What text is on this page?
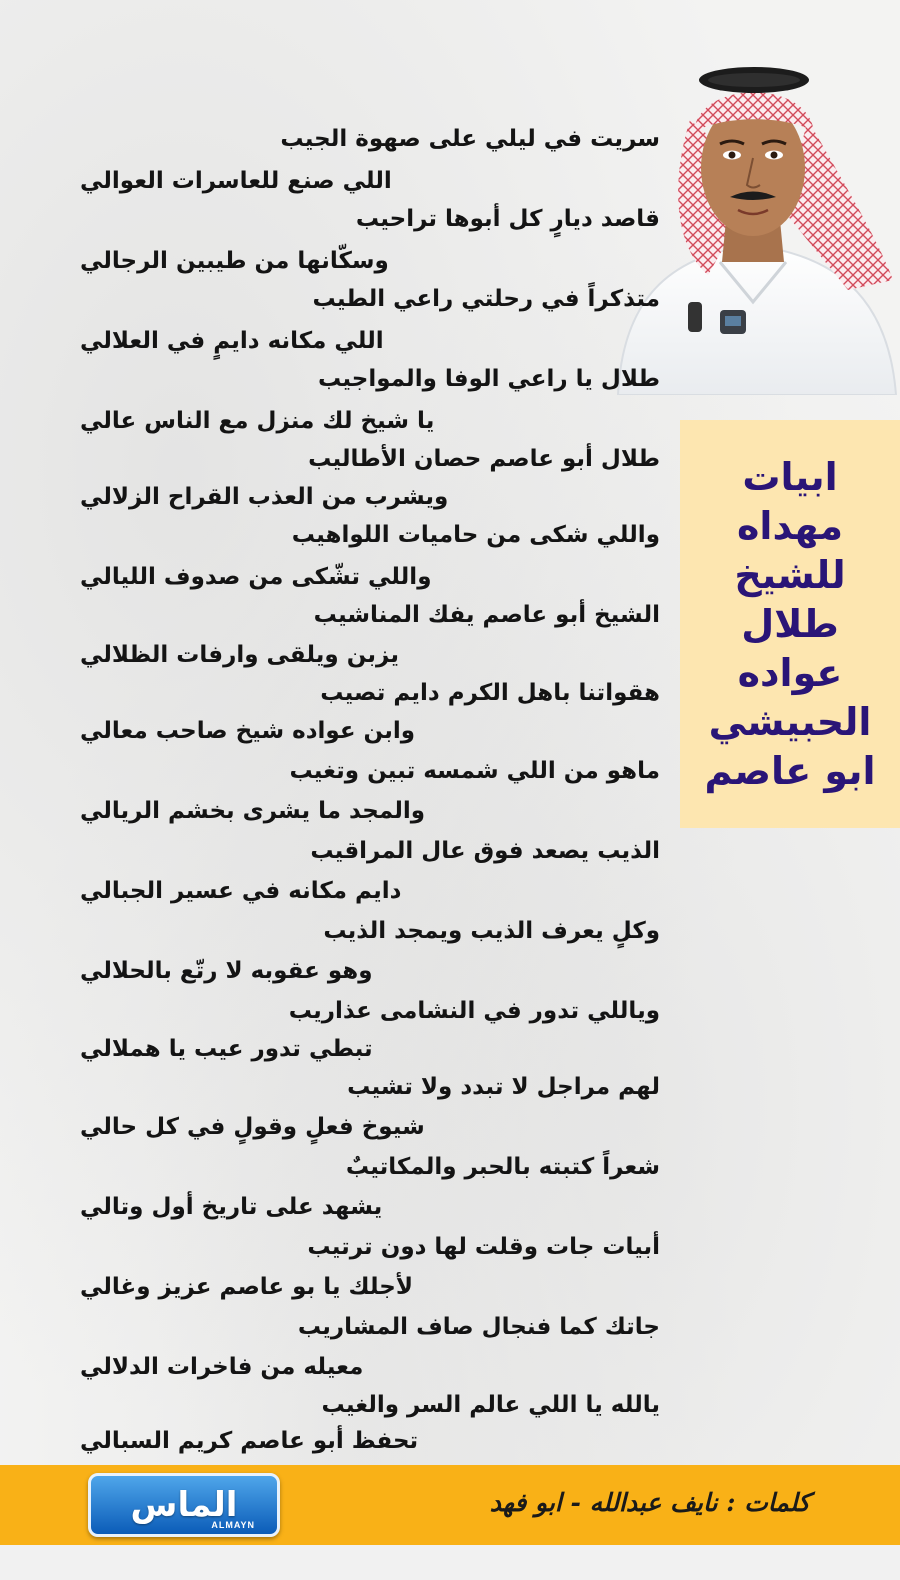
ابيات
مهداه
للشيخ
طلال
عواده
الحبيشي
ابو عاصم
سريت في ليلي على صهوة الجيب
اللي صنع للعاسرات العوالي
قاصد ديارٍ كل أبوها تراحيب
وسكّانها من طيبين الرجالي
متذكراً في رحلتي راعي الطيب
اللي مكانه دايمٍ في العلالي
طلال يا راعي الوفا والمواجيب
يا شيخ لك منزل مع الناس عالي
طلال أبو عاصم حصان الأطاليب
ويشرب من العذب القراح الزلالي
واللي شكى من حاميات اللواهيب
واللي تشّكى من صدوف الليالي
الشيخ أبو عاصم يفك المناشيب
يزبن ويلقى وارفات الظلالي
هقواتنا باهل الكرم دايم تصيب
وابن عواده شيخ صاحب معالي
ماهو من اللي شمسه تبين وتغيب
والمجد ما يشرى بخشم الريالي
الذيب يصعد فوق عال المراقيب
دايم مكانه في عسير الجبالي
وكلٍ يعرف الذيب ويمجد الذيب
وهو عقوبه لا رتّع بالحلالي
وياللي تدور في النشامى عذاريب
تبطي تدور عيب يا هملالي
لهم مراجل لا تبدد ولا تشيب
شيوخ فعلٍ وقولٍ في كل حالي
شعراً كتبته بالحبر والمكاتيبٌ
يشهد على تاريخ أول وتالي
أبيات جات وقلت لها دون ترتيب
لأجلك يا بو عاصم عزيز وغالي
جاتك كما فنجال صاف المشاريب
معيله من فاخرات الدلالي
يالله يا اللي عالم السر والغيب
تحفظ أبو عاصم كريم السبالي
كلمات : نايف عبدالله - ابو فهد
الماس
ALMAYN
